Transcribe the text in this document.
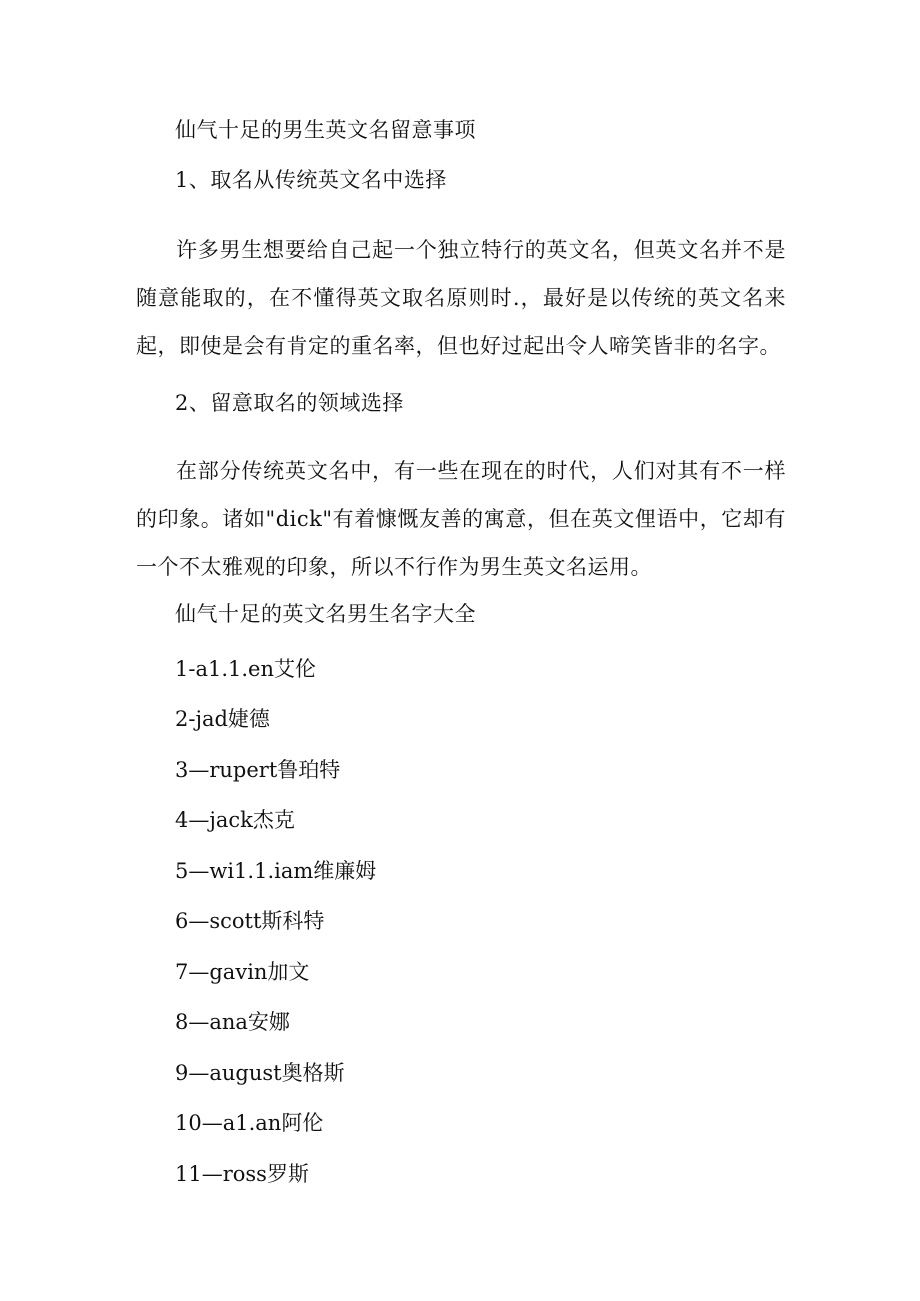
仙气十足的男生英文名留意事项
1、取名从传统英文名中选择
许多男生想要给自己起一个独立特行的英文名，但英文名并不是随意能取的，在不懂得英文取名原则时.，最好是以传统的英文名来起，即使是会有肯定的重名率，但也好过起出令人啼笑皆非的名字。
2、留意取名的领域选择
在部分传统英文名中，有一些在现在的时代，人们对其有不一样的印象。诸如"dick"有着慷慨友善的寓意，但在英文俚语中，它却有一个不太雅观的印象，所以不行作为男生英文名运用。
仙气十足的英文名男生名字大全
1-a1.1.en艾伦
2-jad婕德
3—rupert鲁珀特
4—jack杰克
5—wi1.1.iam维廉姆
6—scott斯科特
7—gavin加文
8—ana安娜
9—august奥格斯
10—a1.an阿伦
11—ross罗斯
